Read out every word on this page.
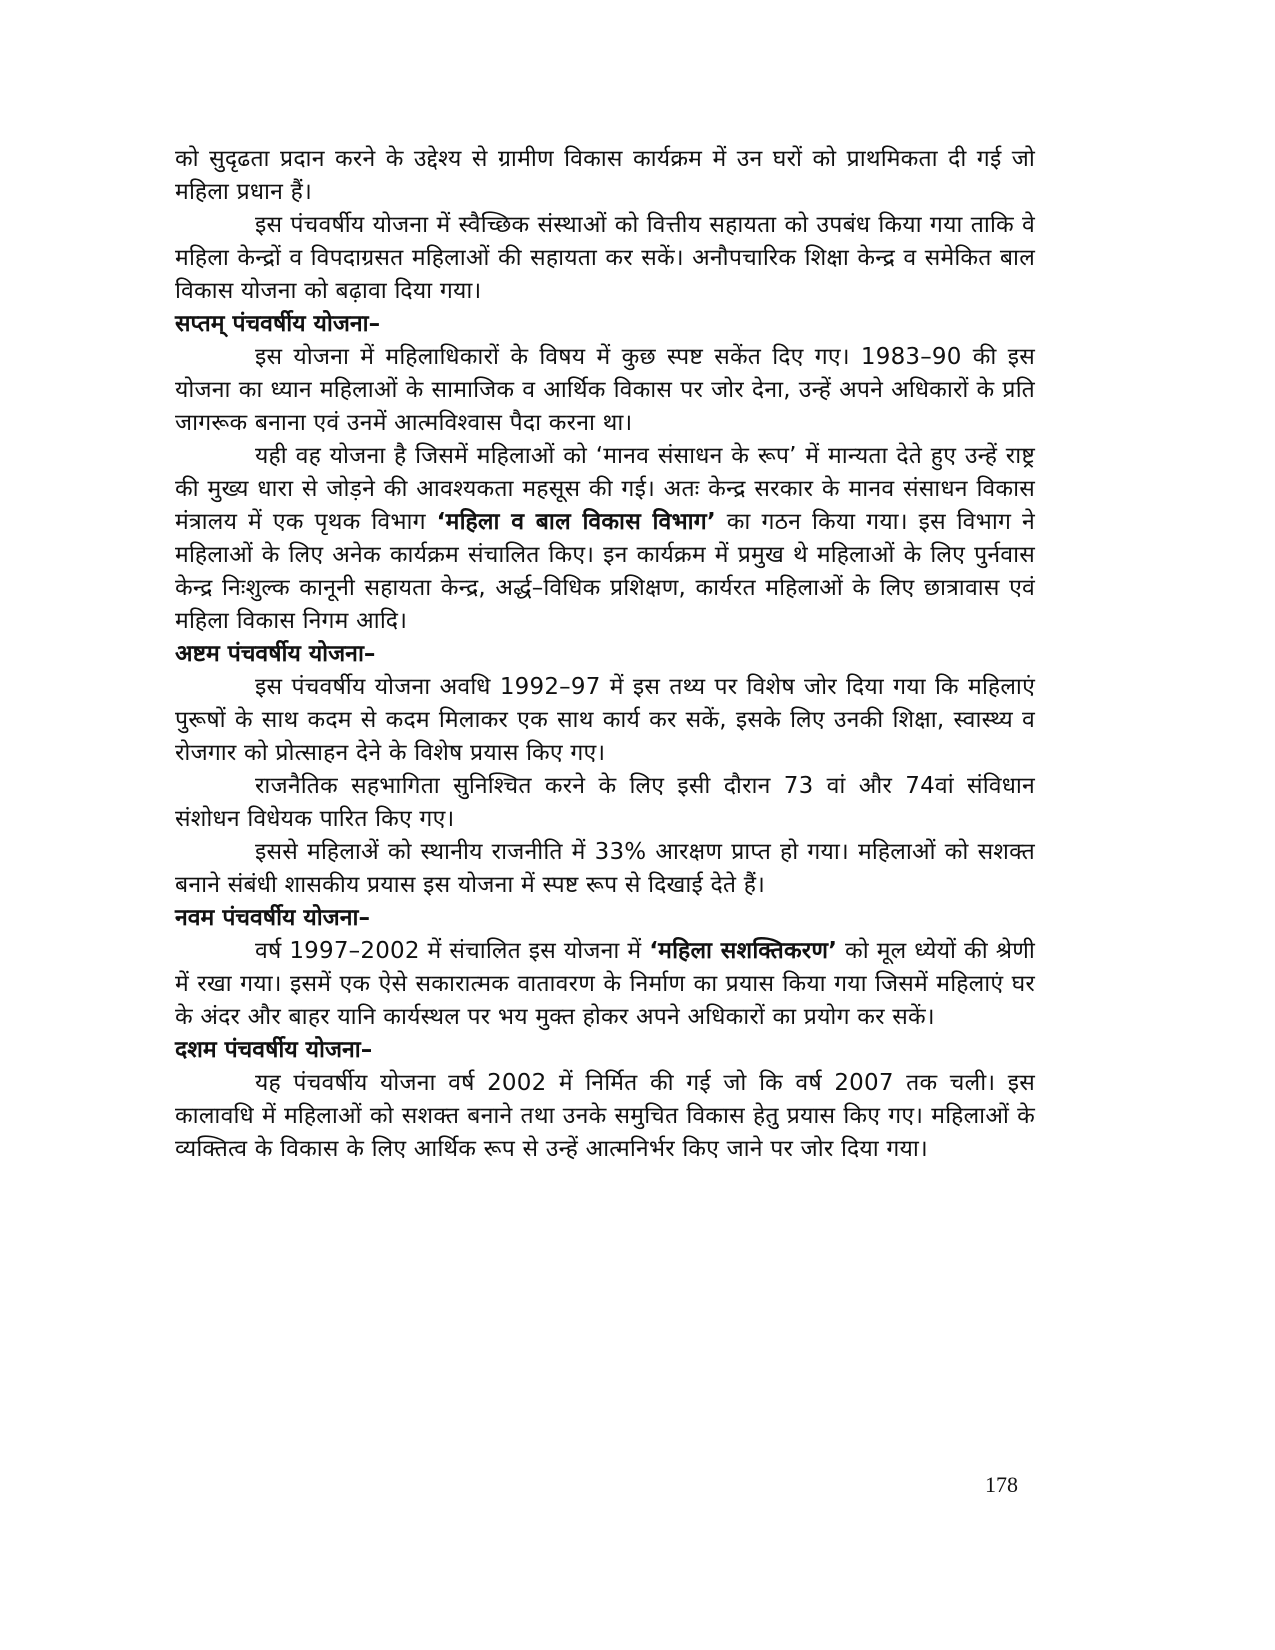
को सुदृढता प्रदान करने के उद्देश्य से ग्रामीण विकास कार्यक्रम में उन घरों को प्राथमिकता दी गई जो महिला प्रधान हैं।

इस पंचवर्षीय योजना में स्वैच्छिक संस्थाओं को वित्तीय सहायता को उपबंध किया गया ताकि वे महिला केन्द्रों व विपदाग्रसत महिलाओं की सहायता कर सकें। अनौपचारिक शिक्षा केन्द्र व समेकित बाल विकास योजना को बढ़ावा दिया गया।

सप्तम् पंचवर्षीय योजना–

इस योजना में महिलाधिकारों के विषय में कुछ स्पष्ट सकेंत दिए गए। 1983–90 की इस योजना का ध्यान महिलाओं के सामाजिक व आर्थिक विकास पर जोर देना, उन्हें अपने अधिकारों के प्रति जागरूक बनाना एवं उनमें आत्मविश्वास पैदा करना था।

यही वह योजना है जिसमें महिलाओं को ‘मानव संसाधन के रूप’ में मान्यता देते हुए उन्हें राष्ट्र की मुख्य धारा से जोड़ने की आवश्यकता महसूस की गई। अतः केन्द्र सरकार के मानव संसाधन विकास मंत्रालय में एक पृथक विभाग ‘महिला व बाल विकास विभाग’ का गठन किया गया। इस विभाग ने महिलाओं के लिए अनेक कार्यक्रम संचालित किए। इन कार्यक्रम में प्रमुख थे महिलाओं के लिए पुर्नवास केन्द्र निःशुल्क कानूनी सहायता केन्द्र, अर्द्ध–विधिक प्रशिक्षण, कार्यरत महिलाओं के लिए छात्रावास एवं महिला विकास निगम आदि।

अष्टम पंचवर्षीय योजना–

इस पंचवर्षीय योजना अवधि 1992–97 में इस तथ्य पर विशेष जोर दिया गया कि महिलाएं पुरूषों के साथ कदम से कदम मिलाकर एक साथ कार्य कर सकें, इसके लिए उनकी शिक्षा, स्वास्थ्य व रोजगार को प्रोत्साहन देने के विशेष प्रयास किए गए।

राजनैतिक सहभागिता सुनिश्चित करने के लिए इसी दौरान 73 वां और 74वां संविधान संशोधन विधेयक पारित किए गए।

इससे महिलाअें को स्थानीय राजनीति में 33% आरक्षण प्राप्त हो गया। महिलाओं को सशक्त बनाने संबंधी शासकीय प्रयास इस योजना में स्पष्ट रूप से दिखाई देते हैं।

नवम पंचवर्षीय योजना–

वर्ष 1997–2002 में संचालित इस योजना में ‘महिला सशक्तिकरण’ को मूल ध्येयों की श्रेणी में रखा गया। इसमें एक ऐसे सकारात्मक वातावरण के निर्माण का प्रयास किया गया जिसमें महिलाएं घर के अंदर और बाहर यानि कार्यस्थल पर भय मुक्त होकर अपने अधिकारों का प्रयोग कर सकें।

दशम पंचवर्षीय योजना–

यह पंचवर्षीय योजना वर्ष 2002 में निर्मित की गई जो कि वर्ष 2007 तक चली। इस कालावधि में महिलाओं को सशक्त बनाने तथा उनके समुचित विकास हेतु प्रयास किए गए। महिलाओं के व्यक्तित्व के विकास के लिए आर्थिक रूप से उन्हें आत्मनिर्भर किए जाने पर जोर दिया गया।

178
